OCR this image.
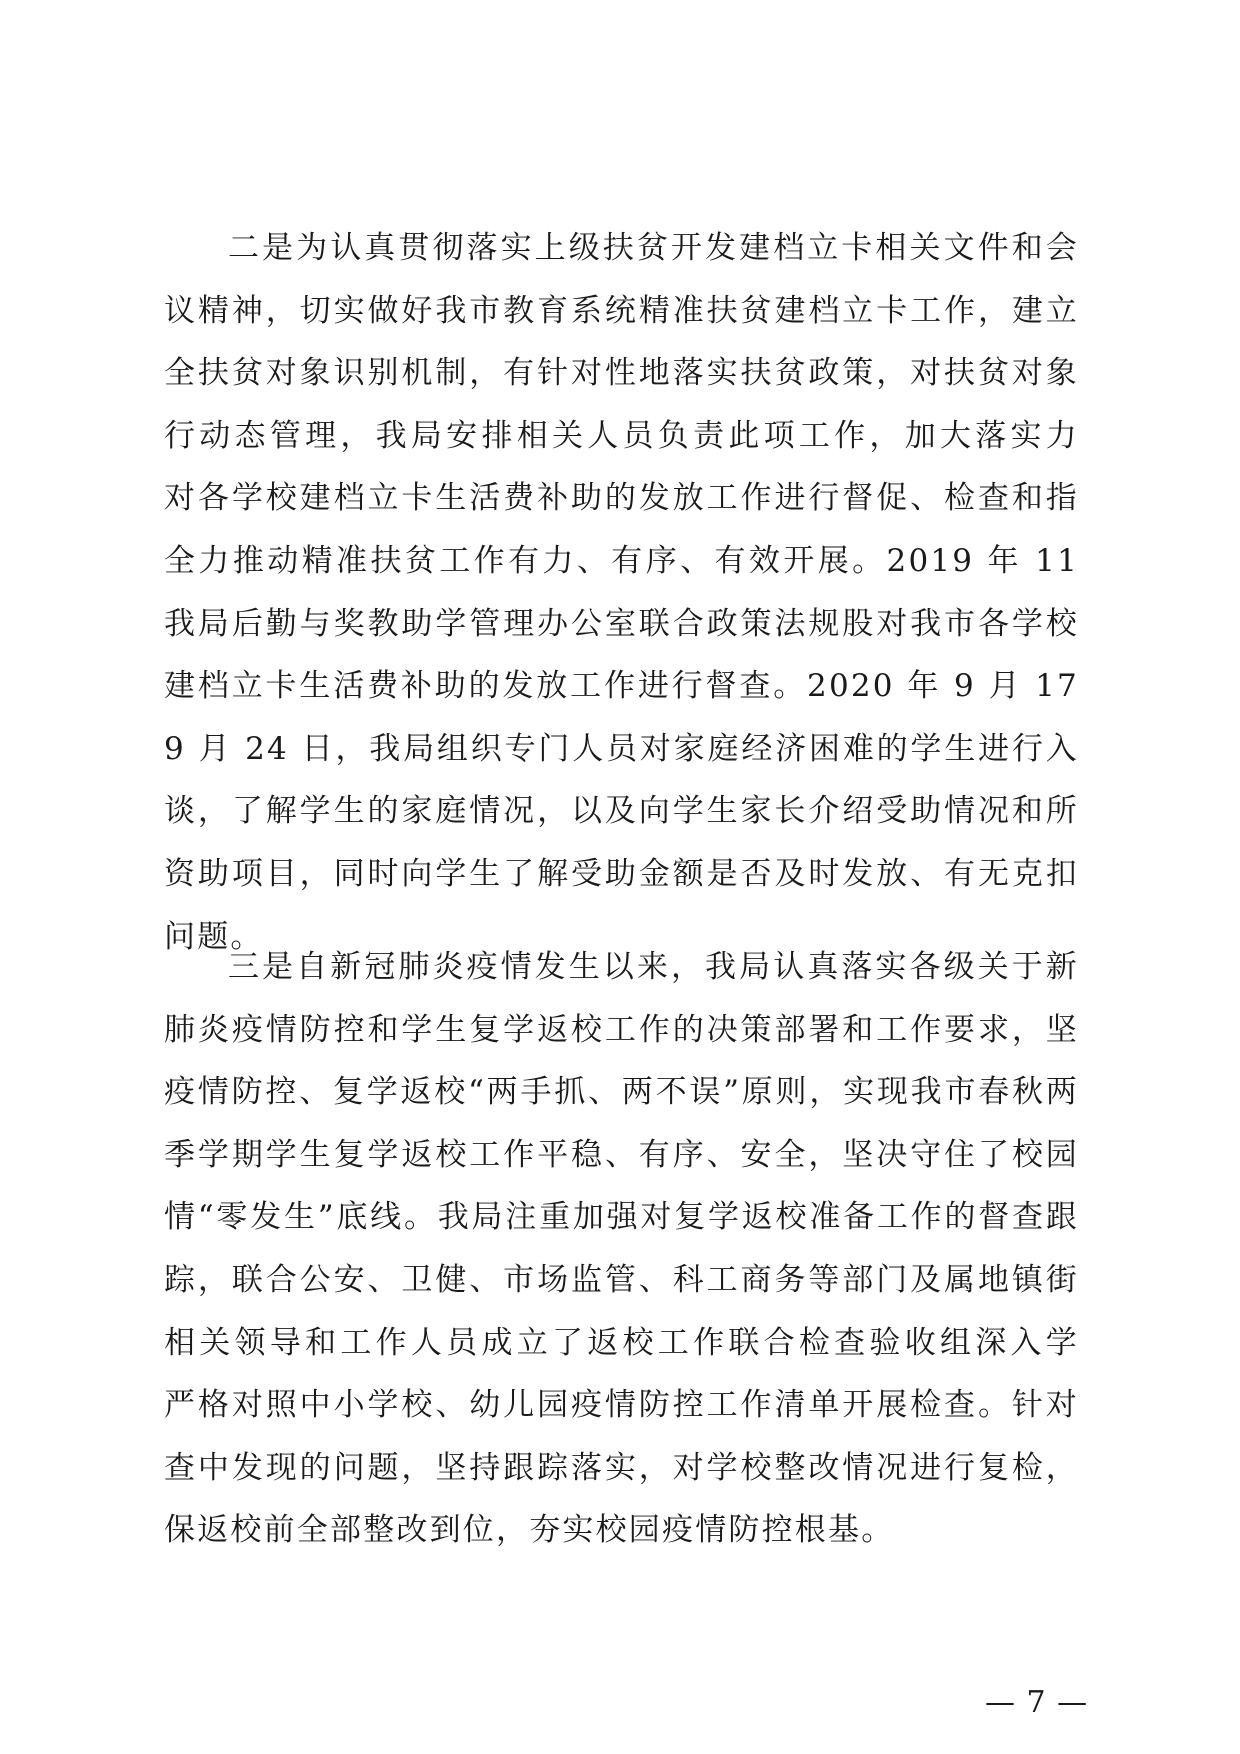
二是为认真贯彻落实上级扶贫开发建档立卡相关文件和会
议精神，切实做好我市教育系统精准扶贫建档立卡工作，建立
全扶贫对象识别机制，有针对性地落实扶贫政策，对扶贫对象
行动态管理，我局安排相关人员负责此项工作，加大落实力
对各学校建档立卡生活费补助的发放工作进行督促、检查和指
全力推动精准扶贫工作有力、有序、有效开展。2019 年 11
我局后勤与奖教助学管理办公室联合政策法规股对我市各学校
建档立卡生活费补助的发放工作进行督查。2020 年 9 月 17
9 月 24 日，我局组织专门人员对家庭经济困难的学生进行入
谈，了解学生的家庭情况，以及向学生家长介绍受助情况和所
资助项目，同时向学生了解受助金额是否及时发放、有无克扣
问题。
三是自新冠肺炎疫情发生以来，我局认真落实各级关于新
肺炎疫情防控和学生复学返校工作的决策部署和工作要求，坚
疫情防控、复学返校“两手抓、两不误”原则，实现我市春秋两
季学期学生复学返校工作平稳、有序、安全，坚决守住了校园
情“零发生”底线。我局注重加强对复学返校准备工作的督查跟
踪，联合公安、卫健、市场监管、科工商务等部门及属地镇街
相关领导和工作人员成立了返校工作联合检查验收组深入学
严格对照中小学校、幼儿园疫情防控工作清单开展检查。针对
查中发现的问题，坚持跟踪落实，对学校整改情况进行复检，
保返校前全部整改到位，夯实校园疫情防控根基。
— 7 —
